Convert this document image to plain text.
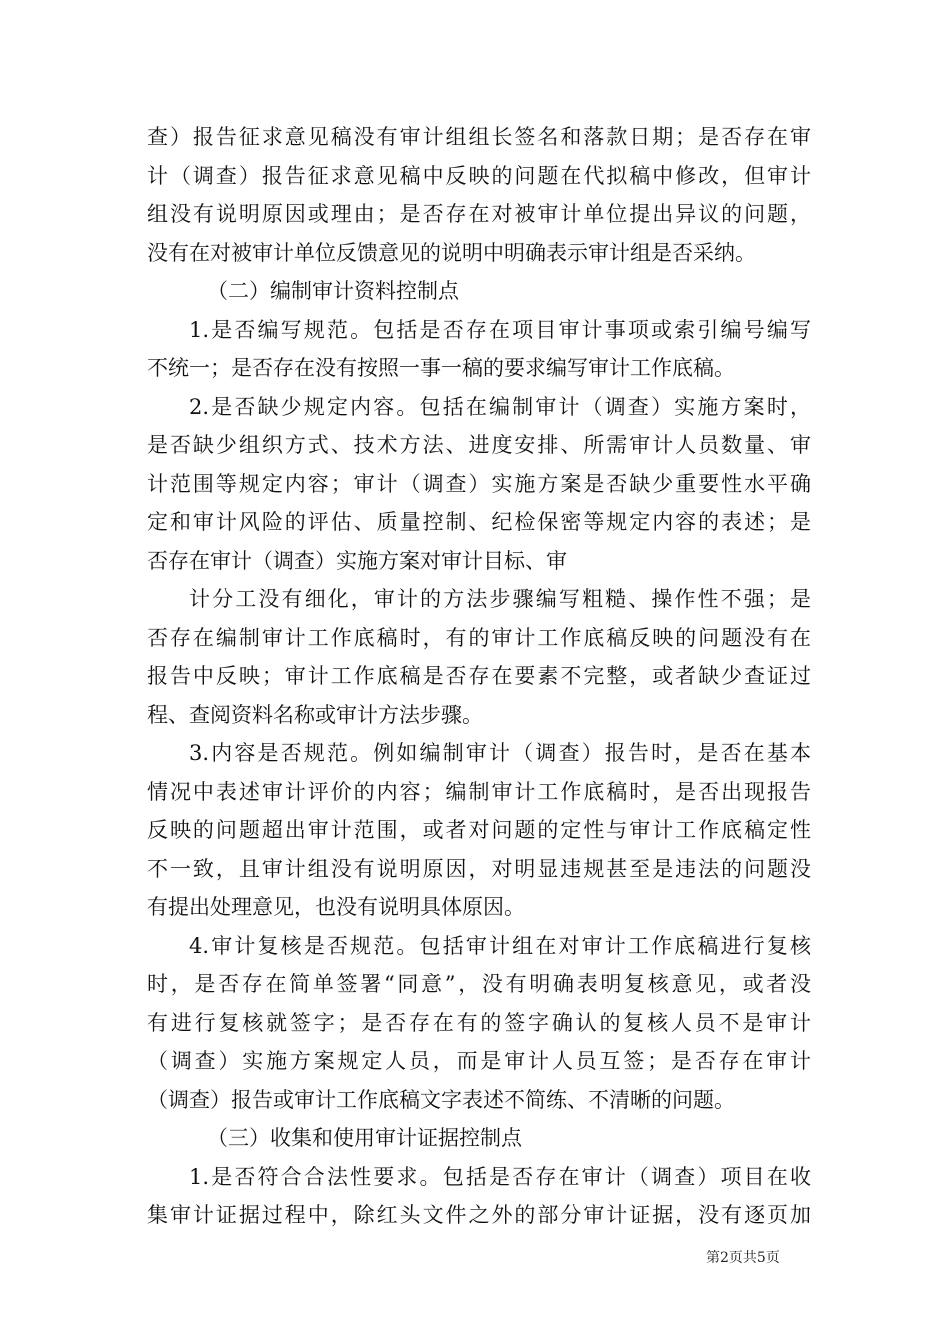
查）报告征求意见稿没有审计组组长签名和落款日期；是否存在审
计（调查）报告征求意见稿中反映的问题在代拟稿中修改，但审计
组没有说明原因或理由；是否存在对被审计单位提出异议的问题，
没有在对被审计单位反馈意见的说明中明确表示审计组是否采纳。
（二）编制审计资料控制点
1.是否编写规范。包括是否存在项目审计事项或索引编号编写
不统一；是否存在没有按照一事一稿的要求编写审计工作底稿。
2.是否缺少规定内容。包括在编制审计（调查）实施方案时，
是否缺少组织方式、技术方法、进度安排、所需审计人员数量、审
计范围等规定内容；审计（调查）实施方案是否缺少重要性水平确
定和审计风险的评估、质量控制、纪检保密等规定内容的表述；是
否存在审计（调查）实施方案对审计目标、审
计分工没有细化，审计的方法步骤编写粗糙、操作性不强；是
否存在编制审计工作底稿时，有的审计工作底稿反映的问题没有在
报告中反映；审计工作底稿是否存在要素不完整，或者缺少查证过
程、查阅资料名称或审计方法步骤。
3.内容是否规范。例如编制审计（调查）报告时，是否在基本
情况中表述审计评价的内容；编制审计工作底稿时，是否出现报告
反映的问题超出审计范围，或者对问题的定性与审计工作底稿定性
不一致，且审计组没有说明原因，对明显违规甚至是违法的问题没
有提出处理意见，也没有说明具体原因。
4.审计复核是否规范。包括审计组在对审计工作底稿进行复核
时，是否存在简单签署“同意”，没有明确表明复核意见，或者没
有进行复核就签字；是否存在有的签字确认的复核人员不是审计
（调查）实施方案规定人员，而是审计人员互签；是否存在审计
（调查）报告或审计工作底稿文字表述不简练、不清晰的问题。
（三）收集和使用审计证据控制点
1.是否符合合法性要求。包括是否存在审计（调查）项目在收
集审计证据过程中，除红头文件之外的部分审计证据，没有逐页加
第2页共5页
